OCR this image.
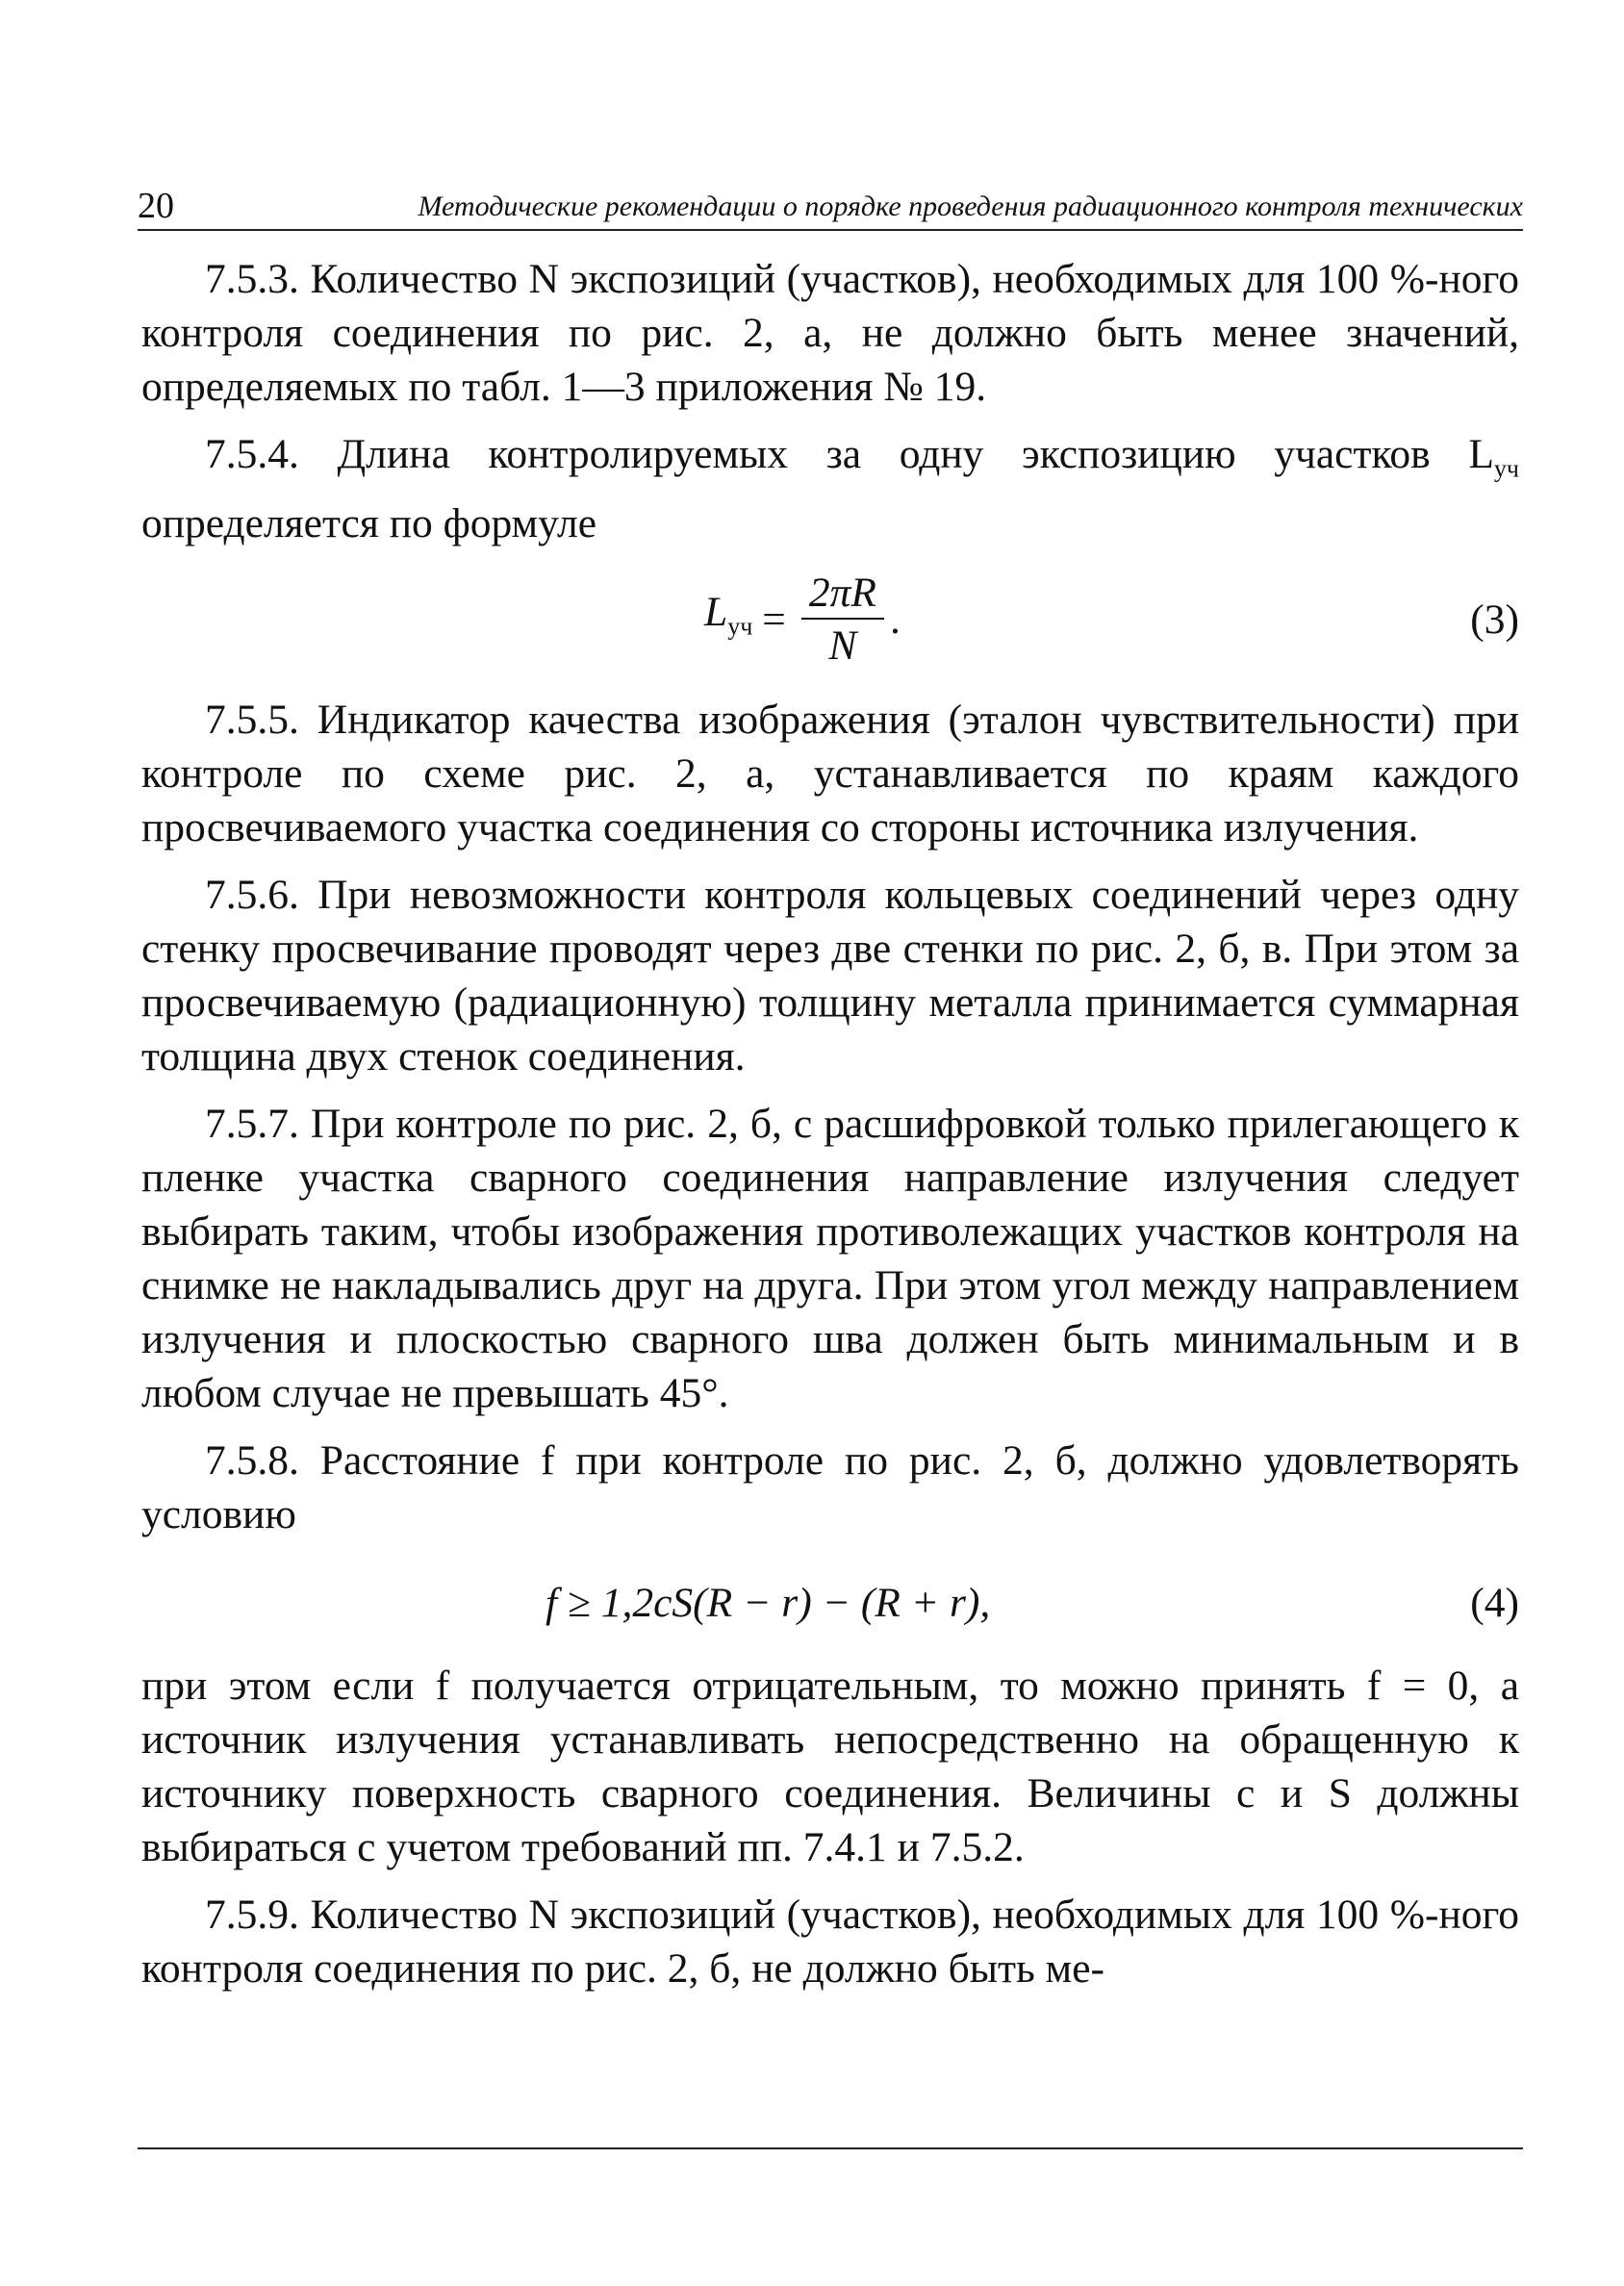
20	Методические рекомендации о порядке проведения радиационного контроля технических

7.5.3. Количество N экспозиций (участков), необходимых для 100 %-ного контроля соединения по рис. 2, а, не должно быть менее значений, определяемых по табл. 1—3 приложения № 19.

7.5.4. Длина контролируемых за одну экспозицию участков $L_{уч}$ определяется по формуле

$L_{уч} = \frac{2\pi R}{N}$ .	(3)

7.5.5. Индикатор качества изображения (эталон чувствительности) при контроле по схеме рис. 2, а, устанавливается по краям каждого просвечиваемого участка соединения со стороны источника излучения.

7.5.6. При невозможности контроля кольцевых соединений через одну стенку просвечивание проводят через две стенки по рис. 2, б, в. При этом за просвечиваемую (радиационную) толщину металла принимается суммарная толщина двух стенок соединения.

7.5.7. При контроле по рис. 2, б, с расшифровкой только прилегающего к пленке участка сварного соединения направление излучения следует выбирать таким, чтобы изображения противолежащих участков контроля на снимке не накладывались друг на друга. При этом угол между направлением излучения и плоскостью сварного шва должен быть минимальным и в любом случае не превышать 45°.

7.5.8. Расстояние f при контроле по рис. 2, б, должно удовлетворять условию

f ≥ 1,2cS(R − r) − (R + r),	(4)

при этом если f получается отрицательным, то можно принять f = 0, а источник излучения устанавливать непосредственно на обращенную к источнику поверхность сварного соединения. Величины c и S должны выбираться с учетом требований пп. 7.4.1 и 7.5.2.

7.5.9. Количество N экспозиций (участков), необходимых для 100 %-ного контроля соединения по рис. 2, б, не должно быть ме-
